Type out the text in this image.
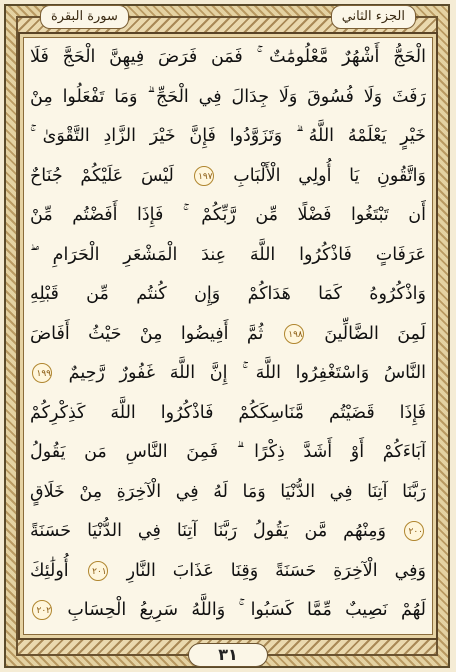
سورة البقرة	الجزء الثاني
الْحَجُّ أَشْهُرٌ مَّعْلُومَٰتٌ ۚ فَمَن فَرَضَ فِيهِنَّ الْحَجَّ فَلَا
رَفَثَ وَلَا فُسُوقَ وَلَا جِدَالَ فِي الْحَجِّ ۗ وَمَا تَفْعَلُوا مِنْ
خَيْرٍ يَعْلَمْهُ اللَّهُ ۗ وَتَزَوَّدُوا فَإِنَّ خَيْرَ الزَّادِ التَّقْوَىٰ ۚ
وَاتَّقُونِ يَا أُولِي الْأَلْبَابِ ١٩٧ لَيْسَ عَلَيْكُمْ جُنَاحٌ
أَن تَبْتَغُوا فَضْلًا مِّن رَّبِّكُمْ ۚ فَإِذَا أَفَضْتُم مِّنْ
عَرَفَاتٍ فَاذْكُرُوا اللَّهَ عِندَ الْمَشْعَرِ الْحَرَامِ ۖ
وَاذْكُرُوهُ كَمَا هَدَاكُمْ وَإِن كُنتُم مِّن قَبْلِهِ
لَمِنَ الضَّالِّينَ ١٩٨ ثُمَّ أَفِيضُوا مِنْ حَيْثُ أَفَاضَ
النَّاسُ وَاسْتَغْفِرُوا اللَّهَ ۚ إِنَّ اللَّهَ غَفُورٌ رَّحِيمٌ ١٩٩
فَإِذَا قَضَيْتُم مَّنَاسِكَكُمْ فَاذْكُرُوا اللَّهَ كَذِكْرِكُمْ
آبَاءَكُمْ أَوْ أَشَدَّ ذِكْرًا ۗ فَمِنَ النَّاسِ مَن يَقُولُ
رَبَّنَا آتِنَا فِي الدُّنْيَا وَمَا لَهُ فِي الْآخِرَةِ مِنْ خَلَاقٍ
٢٠٠ وَمِنْهُم مَّن يَقُولُ رَبَّنَا آتِنَا فِي الدُّنْيَا حَسَنَةً
وَفِي الْآخِرَةِ حَسَنَةً وَقِنَا عَذَابَ النَّارِ ٢٠١ أُولَٰئِكَ
لَهُمْ نَصِيبٌ مِّمَّا كَسَبُوا ۚ وَاللَّهُ سَرِيعُ الْحِسَابِ ٢٠٢
٣١
